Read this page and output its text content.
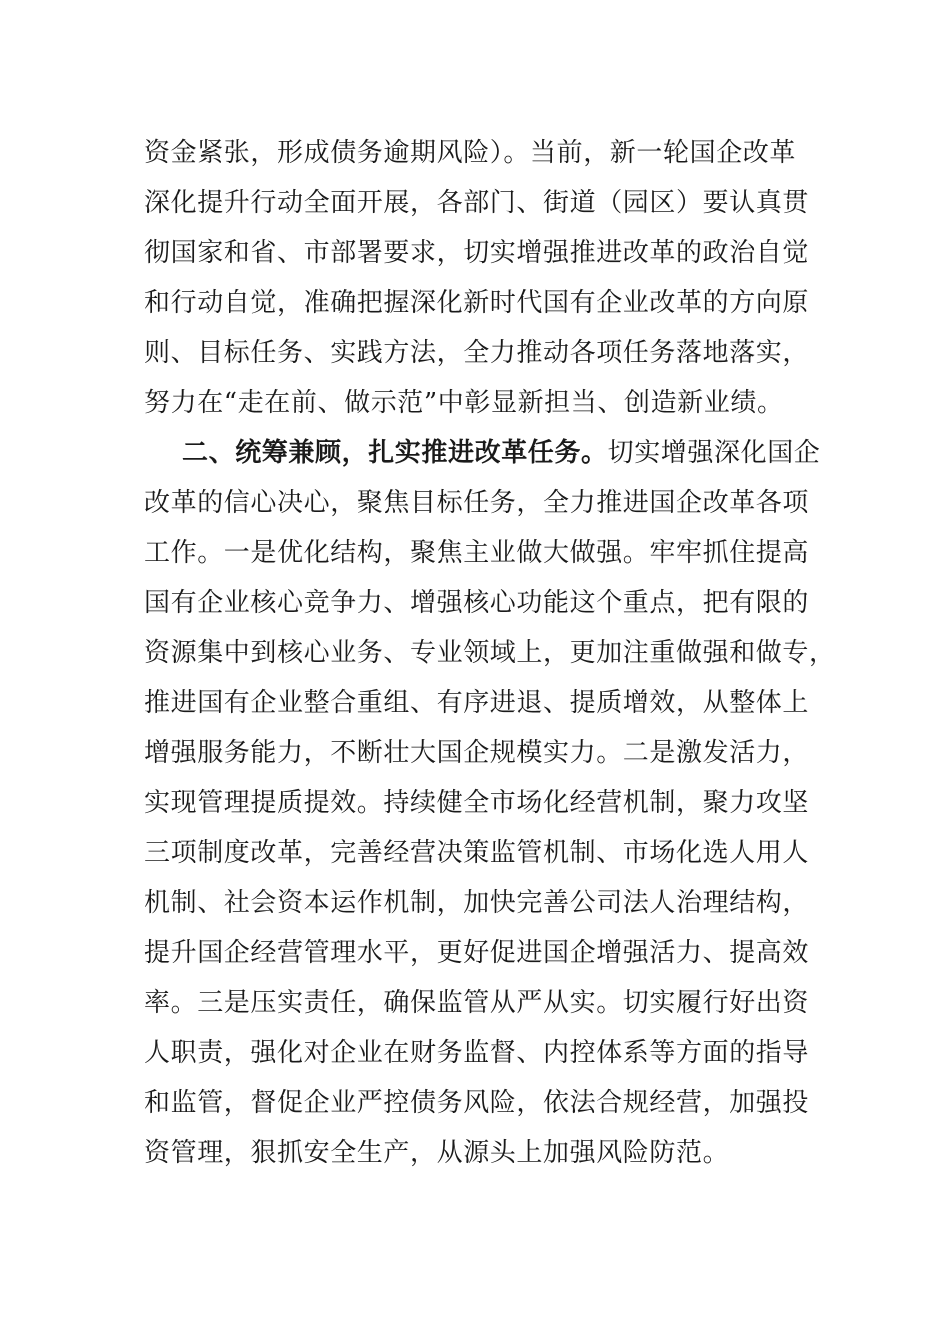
资金紧张，形成债务逾期风险）。当前，新一轮国企改革
深化提升行动全面开展，各部门、街道（园区）要认真贯
彻国家和省、市部署要求，切实增强推进改革的政治自觉
和行动自觉，准确把握深化新时代国有企业改革的方向原
则、目标任务、实践方法，全力推动各项任务落地落实，
努力在“走在前、做示范”中彰显新担当、创造新业绩。
二、统筹兼顾，扎实推进改革任务。切实增强深化国企
改革的信心决心，聚焦目标任务，全力推进国企改革各项
工作。一是优化结构，聚焦主业做大做强。牢牢抓住提高
国有企业核心竞争力、增强核心功能这个重点，把有限的
资源集中到核心业务、专业领域上，更加注重做强和做专，
推进国有企业整合重组、有序进退、提质增效，从整体上
增强服务能力，不断壮大国企规模实力。二是激发活力，
实现管理提质提效。持续健全市场化经营机制，聚力攻坚
三项制度改革，完善经营决策监管机制、市场化选人用人
机制、社会资本运作机制，加快完善公司法人治理结构，
提升国企经营管理水平，更好促进国企增强活力、提高效
率。三是压实责任，确保监管从严从实。切实履行好出资
人职责，强化对企业在财务监督、内控体系等方面的指导
和监管，督促企业严控债务风险，依法合规经营，加强投
资管理，狠抓安全生产，从源头上加强风险防范。
